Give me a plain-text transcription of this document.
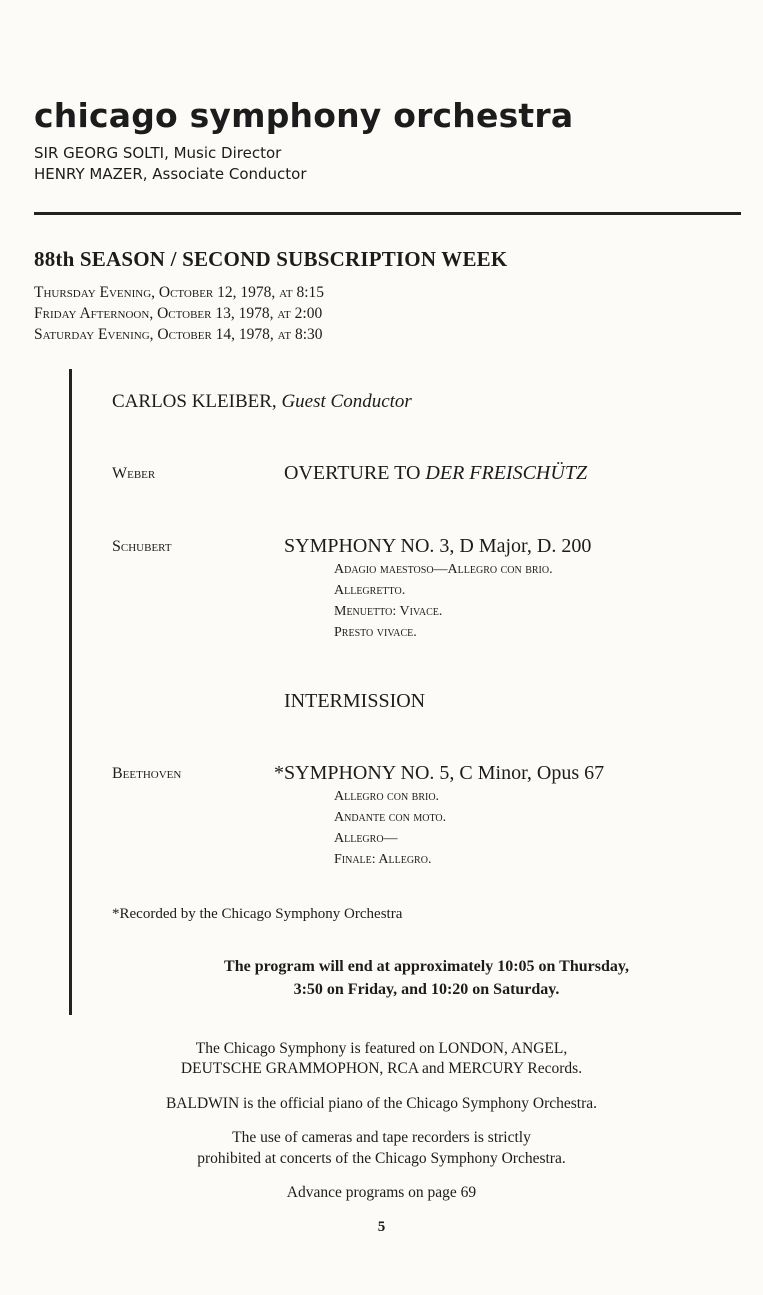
chicago symphony orchestra
SIR GEORG SOLTI, Music Director
HENRY MAZER, Associate Conductor
88th SEASON / SECOND SUBSCRIPTION WEEK
Thursday Evening, October 12, 1978, at 8:15
Friday Afternoon, October 13, 1978, at 2:00
Saturday Evening, October 14, 1978, at 8:30
CARLOS KLEIBER, Guest Conductor
Weber	OVERTURE TO DER FREISCHÜTZ
Schubert	SYMPHONY NO. 3, D Major, D. 200
Adagio maestoso—Allegro con brio.
Allegretto.
Menuetto: Vivace.
Presto vivace.
INTERMISSION
Beethoven	*SYMPHONY NO. 5, C Minor, Opus 67
Allegro con brio.
Andante con moto.
Allegro—
Finale: Allegro.
*Recorded by the Chicago Symphony Orchestra
The program will end at approximately 10:05 on Thursday,
3:50 on Friday, and 10:20 on Saturday.
The Chicago Symphony is featured on LONDON, ANGEL,
DEUTSCHE GRAMMOPHON, RCA and MERCURY Records.
BALDWIN is the official piano of the Chicago Symphony Orchestra.
The use of cameras and tape recorders is strictly
prohibited at concerts of the Chicago Symphony Orchestra.
Advance programs on page 69
5
